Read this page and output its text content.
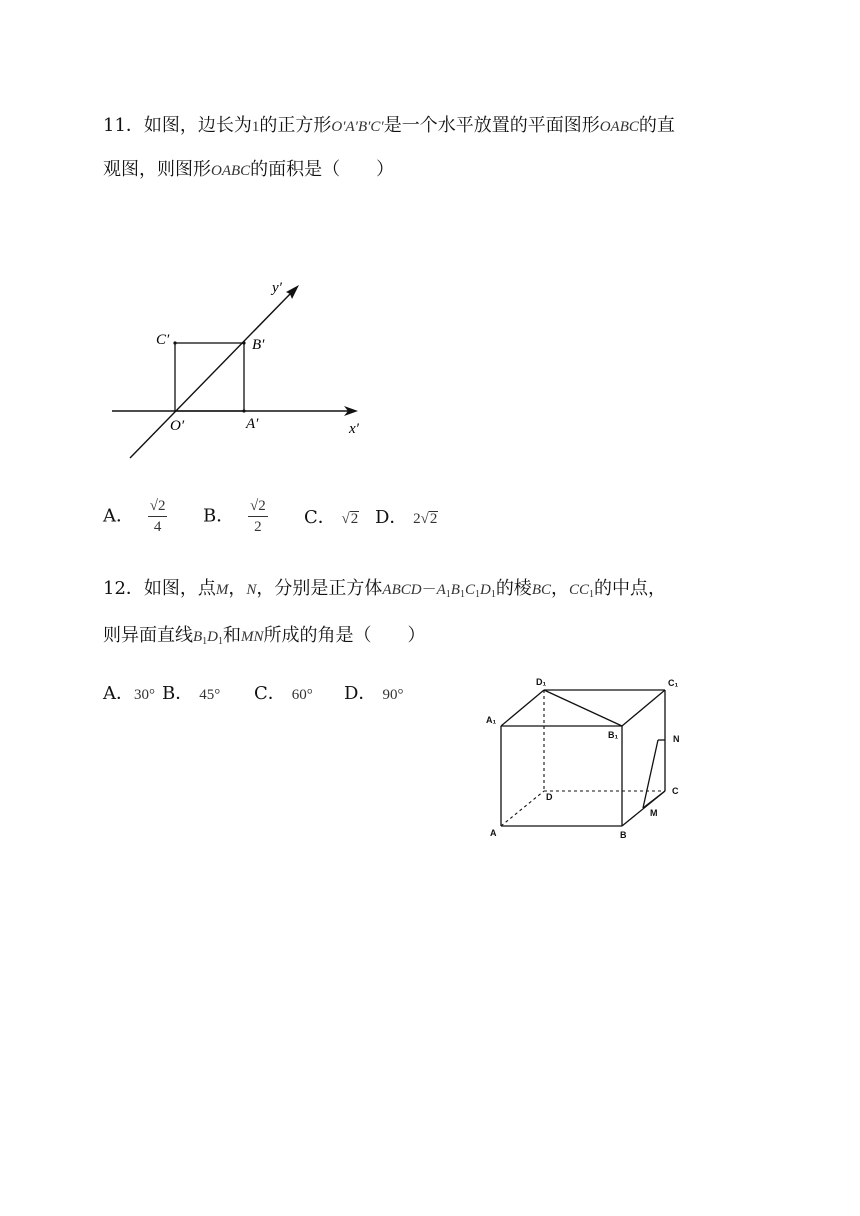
11．如图，边长为1的正方形O′A′B′C′是一个水平放置的平面图形OABC的直
观图，则图形OABC的面积是（　　）
y′
x′
O′	A′
B′
C′
A． $\frac{√2}{4}$ B． $\frac{√2}{2}$ C． √2 D． 2√2
12．如图，点M，N，分别是正方体$ABCD-A_1B_1C_1D_1$的棱BC，$CC_1$的中点，
则异面直线$B_1D_1$和MN所成的角是（　　）
A．30° B． 45° C． 60° D． 90°
D₁	C₁
A₁
B₁	N
D
C
M
A	B
